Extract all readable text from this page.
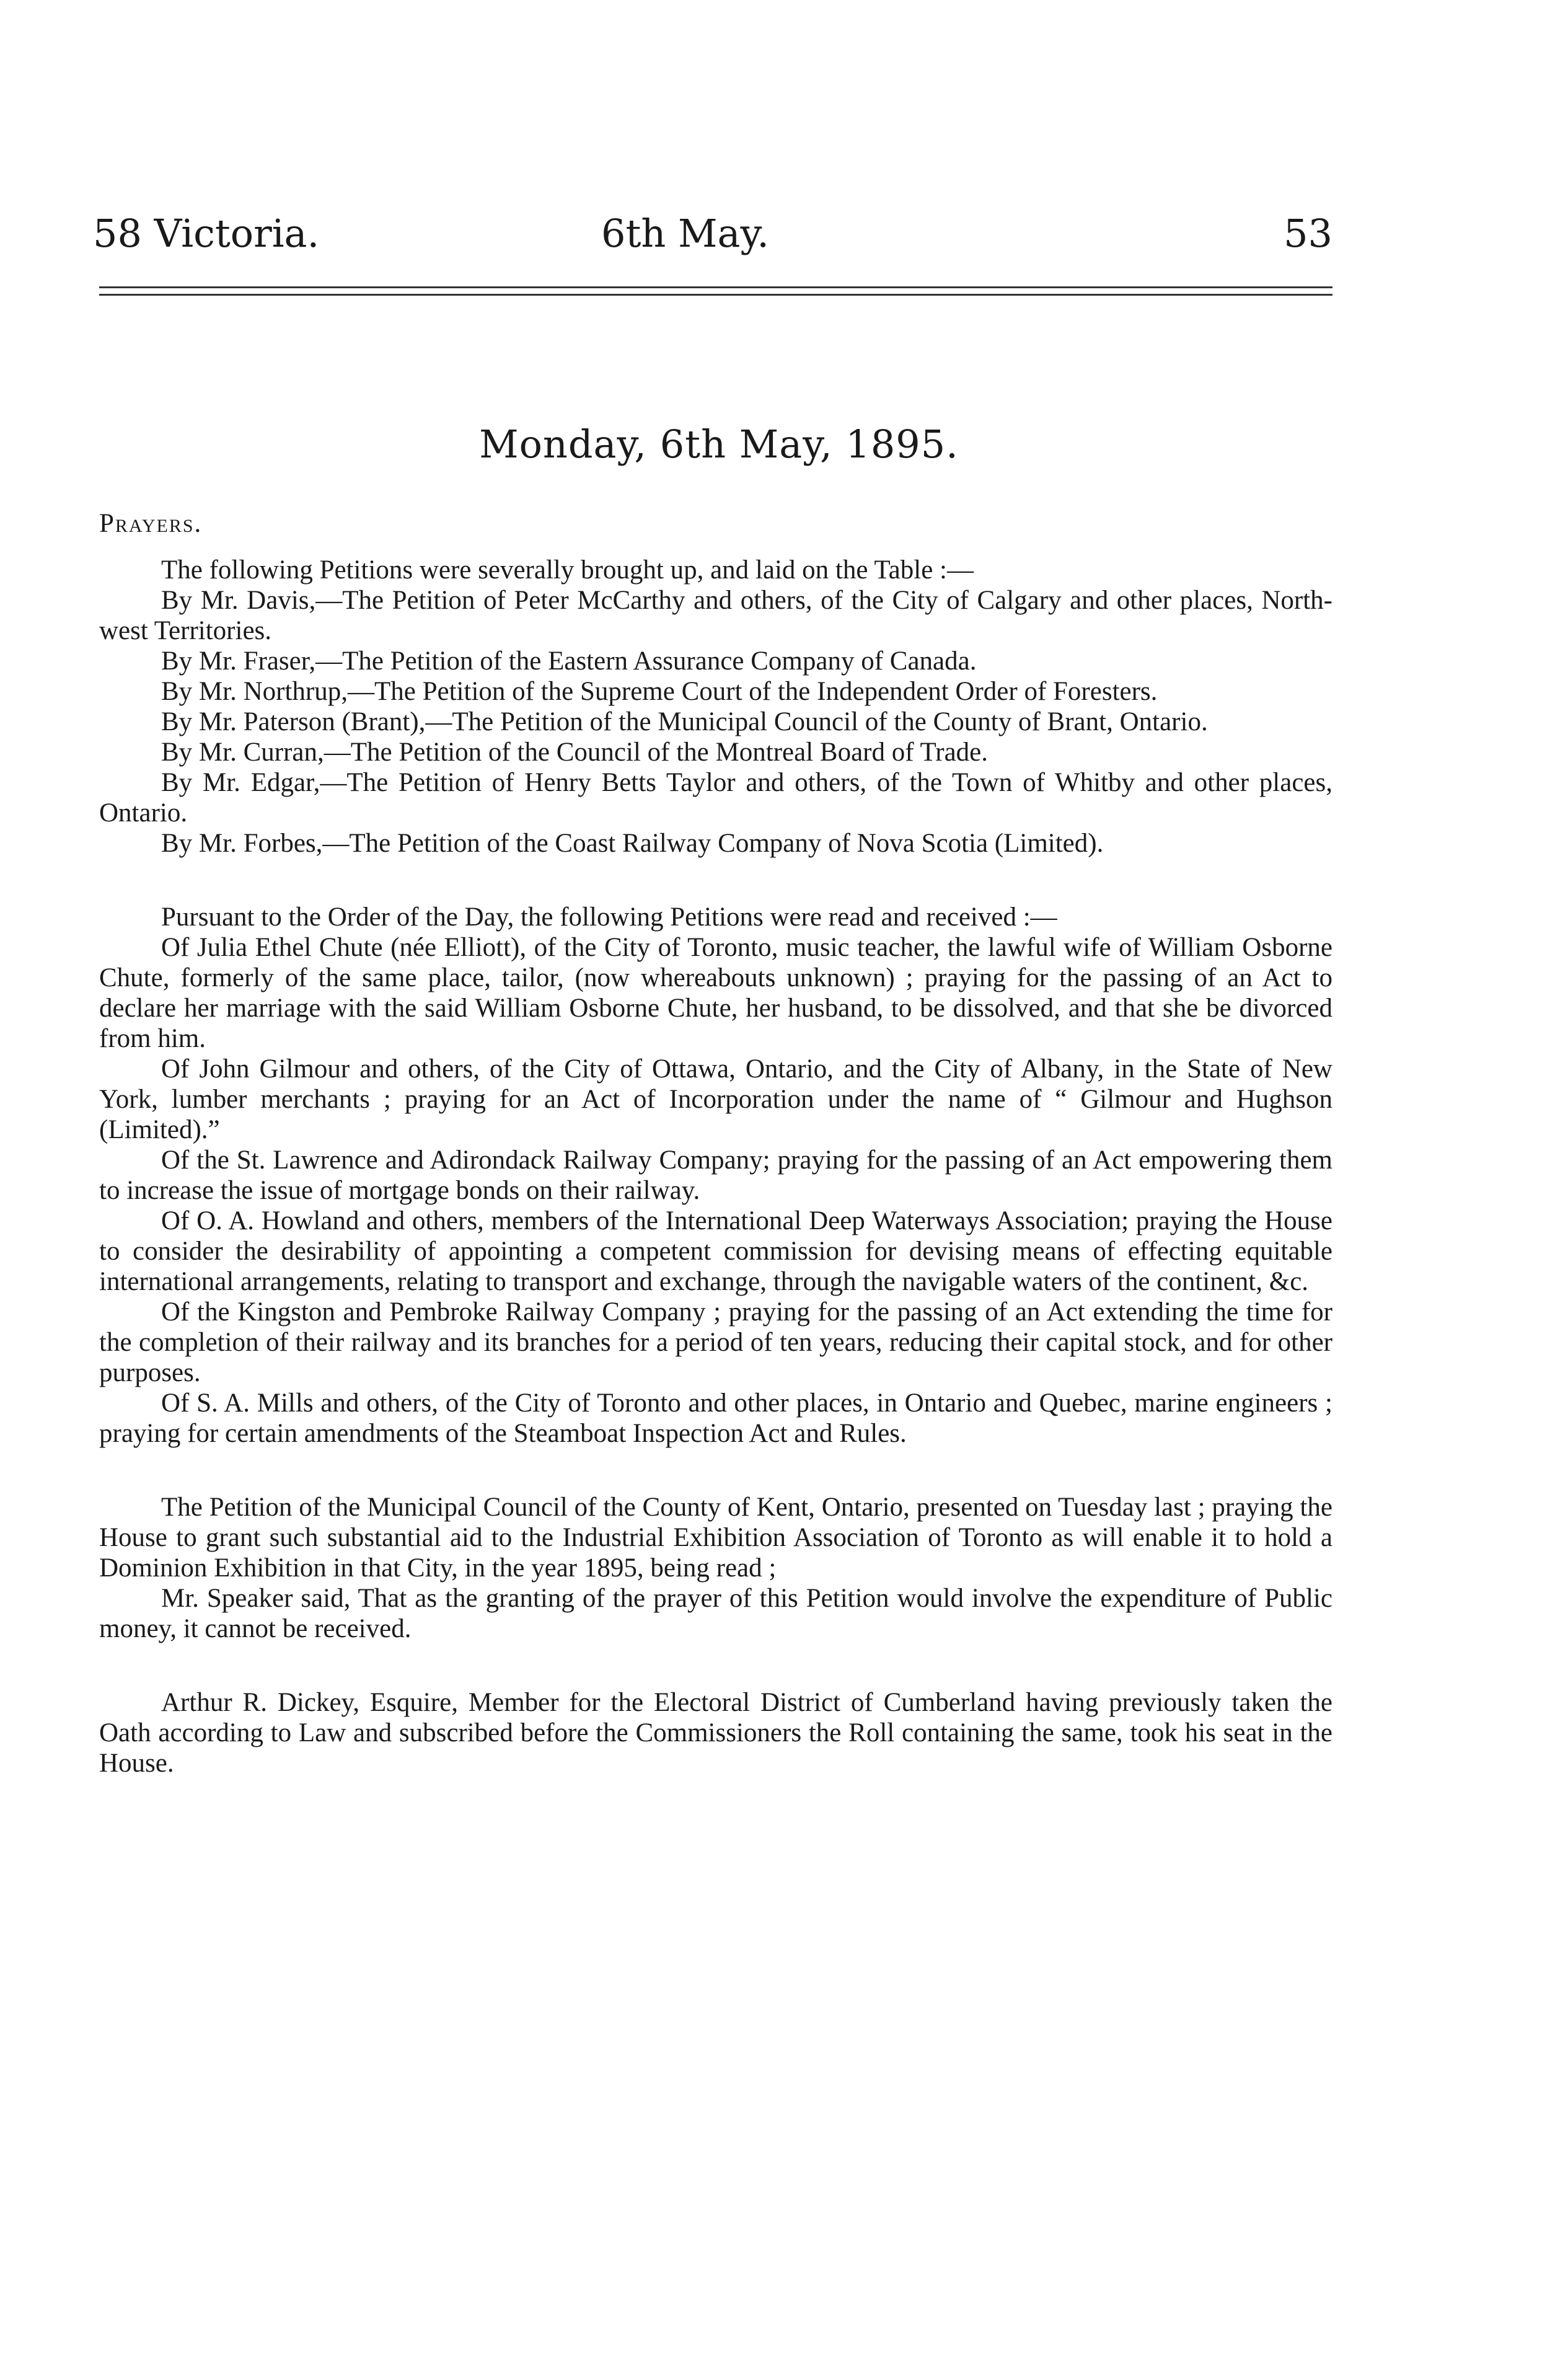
58 Victoria.	6th May.	53
Monday, 6th May, 1895.

Prayers.

The following Petitions were severally brought up, and laid on the Table :—

By Mr. Davis,—The Petition of Peter McCarthy and others, of the City of Calgary and other places, North-west Territories.

By Mr. Fraser,—The Petition of the Eastern Assurance Company of Canada.

By Mr. Northrup,—The Petition of the Supreme Court of the Independent Order of Foresters.

By Mr. Paterson (Brant),—The Petition of the Municipal Council of the County of Brant, Ontario.

By Mr. Curran,—The Petition of the Council of the Montreal Board of Trade.

By Mr. Edgar,—The Petition of Henry Betts Taylor and others, of the Town of Whitby and other places, Ontario.

By Mr. Forbes,—The Petition of the Coast Railway Company of Nova Scotia (Limited).

Pursuant to the Order of the Day, the following Petitions were read and received :—

Of Julia Ethel Chute (née Elliott), of the City of Toronto, music teacher, the lawful wife of William Osborne Chute, formerly of the same place, tailor, (now whereabouts unknown) ; praying for the passing of an Act to declare her marriage with the said William Osborne Chute, her husband, to be dissolved, and that she be divorced from him.

Of John Gilmour and others, of the City of Ottawa, Ontario, and the City of Albany, in the State of New York, lumber merchants ; praying for an Act of Incorporation under the name of “ Gilmour and Hughson (Limited).”

Of the St. Lawrence and Adirondack Railway Company; praying for the passing of an Act empowering them to increase the issue of mortgage bonds on their railway.

Of O. A. Howland and others, members of the International Deep Waterways Association; praying the House to consider the desirability of appointing a competent commission for devising means of effecting equitable international arrangements, relating to transport and exchange, through the navigable waters of the continent, &c.

Of the Kingston and Pembroke Railway Company ; praying for the passing of an Act extending the time for the completion of their railway and its branches for a period of ten years, reducing their capital stock, and for other purposes.

Of S. A. Mills and others, of the City of Toronto and other places, in Ontario and Quebec, marine engineers ; praying for certain amendments of the Steamboat Inspection Act and Rules.

The Petition of the Municipal Council of the County of Kent, Ontario, presented on Tuesday last ; praying the House to grant such substantial aid to the Industrial Exhibition Association of Toronto as will enable it to hold a Dominion Exhibition in that City, in the year 1895, being read ;

Mr. Speaker said, That as the granting of the prayer of this Petition would involve the expenditure of Public money, it cannot be received.

Arthur R. Dickey, Esquire, Member for the Electoral District of Cumberland having previously taken the Oath according to Law and subscribed before the Commissioners the Roll containing the same, took his seat in the House.
